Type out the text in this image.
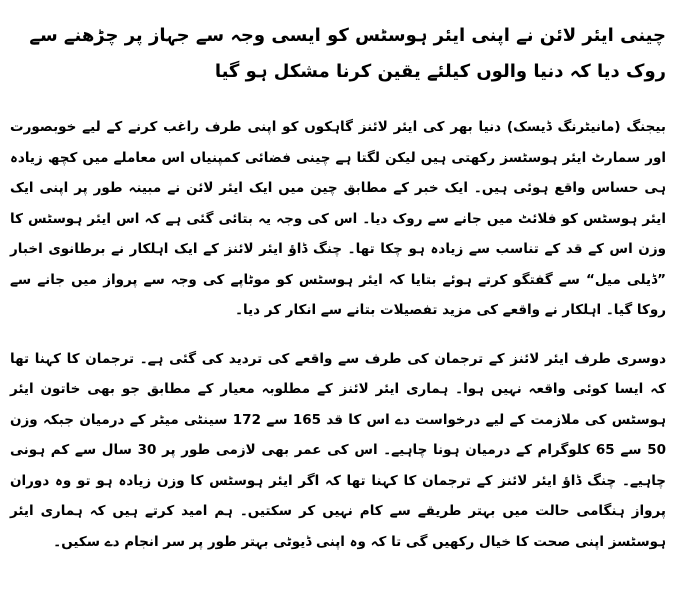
چینی ایئر لائن نے اپنی ایئر ہوسٹس کو ایسی وجہ سے جہاز پر چڑھنے سے روک دیا کہ دنیا والوں کیلئے یقین کرنا مشکل ہو گیا

بیجنگ (مانیٹرنگ ڈیسک) دنیا بھر کی ایئر لائنز گاہکوں کو اپنی طرف راغب کرنے کے لیے خوبصورت اور سمارٹ ایئر ہوسٹسز رکھتی ہیں لیکن لگتا ہے چینی فضائی کمپنیاں اس معاملے میں کچھ زیادہ ہی حساس واقع ہوئی ہیں۔ ایک خبر کے مطابق چین میں ایک ایئر لائن نے مبینہ طور پر اپنی ایک ایئر ہوسٹس کو فلائٹ میں جانے سے روک دیا۔ اس کی وجہ یہ بتائی گئی ہے کہ اس ایئر ہوسٹس کا وزن اس کے قد کے تناسب سے زیادہ ہو چکا تھا۔ چنگ ڈاؤ ایئر لائنز کے ایک اہلکار نے برطانوی اخبار ”ڈیلی میل“ سے گفتگو کرتے ہوئے بتایا کہ ایئر ہوسٹس کو موٹاپے کی وجہ سے پرواز میں جانے سے روکا گیا۔ اہلکار نے واقعے کی مزید تفصیلات بتانے سے انکار کر دیا۔

دوسری طرف ایئر لائنز کے ترجمان کی طرف سے واقعے کی تردید کی گئی ہے۔ ترجمان کا کہنا تھا کہ ایسا کوئی واقعہ نہیں ہوا۔ ہماری ایئر لائنز کے مطلوبہ معیار کے مطابق جو بھی خاتون ایئر ہوسٹس کی ملازمت کے لیے درخواست دے اس کا قد 165 سے 172 سینٹی میٹر کے درمیان جبکہ وزن 50 سے 65 کلوگرام کے درمیان ہونا چاہیے۔ اس کی عمر بھی لازمی طور پر 30 سال سے کم ہونی چاہیے۔ چنگ ڈاؤ ایئر لائنز کے ترجمان کا کہنا تھا کہ اگر ایئر ہوسٹس کا وزن زیادہ ہو تو وہ دوران پرواز ہنگامی حالت میں بہتر طریقے سے کام نہیں کر سکتیں۔ ہم امید کرتے ہیں کہ ہماری ایئر ہوسٹسز اپنی صحت کا خیال رکھیں گی تا کہ وہ اپنی ڈیوٹی بہتر طور پر سر انجام دے سکیں۔
